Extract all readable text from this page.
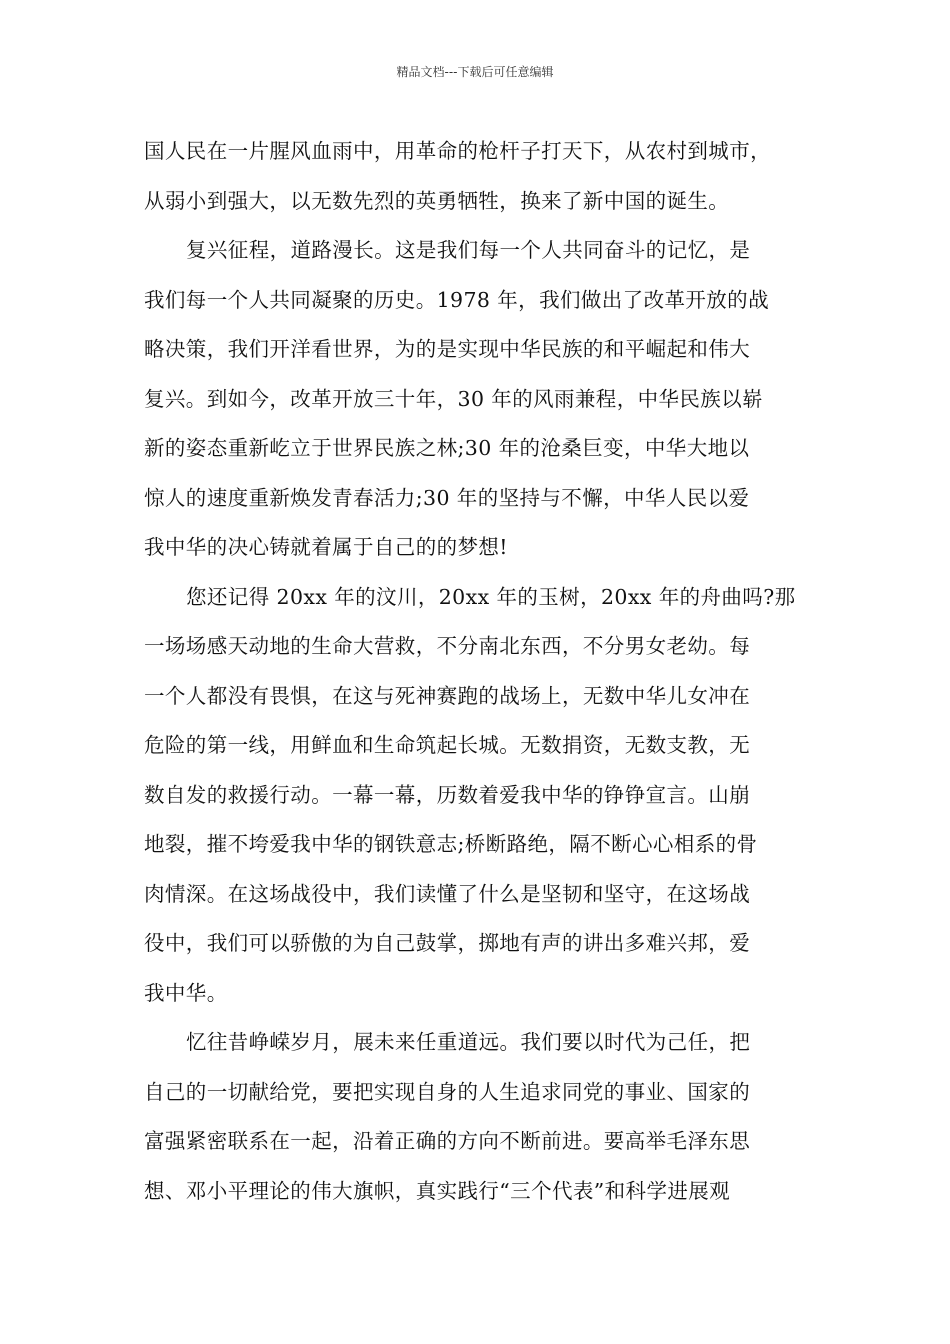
精品文档---下载后可任意编辑
国人民在一片腥风血雨中，用革命的枪杆子打天下，从农村到城市，
从弱小到强大，以无数先烈的英勇牺牲，换来了新中国的诞生。
复兴征程，道路漫长。这是我们每一个人共同奋斗的记忆，是
我们每一个人共同凝聚的历史。1978 年，我们做出了改革开放的战
略决策，我们开洋看世界，为的是实现中华民族的和平崛起和伟大
复兴。到如今，改革开放三十年，30 年的风雨兼程，中华民族以崭
新的姿态重新屹立于世界民族之林;30 年的沧桑巨变，中华大地以
惊人的速度重新焕发青春活力;30 年的坚持与不懈，中华人民以爱
我中华的决心铸就着属于自己的的梦想!
您还记得 20xx 年的汶川，20xx 年的玉树，20xx 年的舟曲吗?那
一场场感天动地的生命大营救，不分南北东西，不分男女老幼。每
一个人都没有畏惧，在这与死神赛跑的战场上，无数中华儿女冲在
危险的第一线，用鲜血和生命筑起长城。无数捐资，无数支教，无
数自发的救援行动。一幕一幕，历数着爱我中华的铮铮宣言。山崩
地裂，摧不垮爱我中华的钢铁意志;桥断路绝，隔不断心心相系的骨
肉情深。在这场战役中，我们读懂了什么是坚韧和坚守，在这场战
役中，我们可以骄傲的为自己鼓掌，掷地有声的讲出多难兴邦，爱
我中华。
忆往昔峥嵘岁月，展未来任重道远。我们要以时代为己任，把
自己的一切献给党，要把实现自身的人生追求同党的事业、国家的
富强紧密联系在一起，沿着正确的方向不断前进。要高举毛泽东思
想、邓小平理论的伟大旗帜，真实践行“三个代表”和科学进展观
